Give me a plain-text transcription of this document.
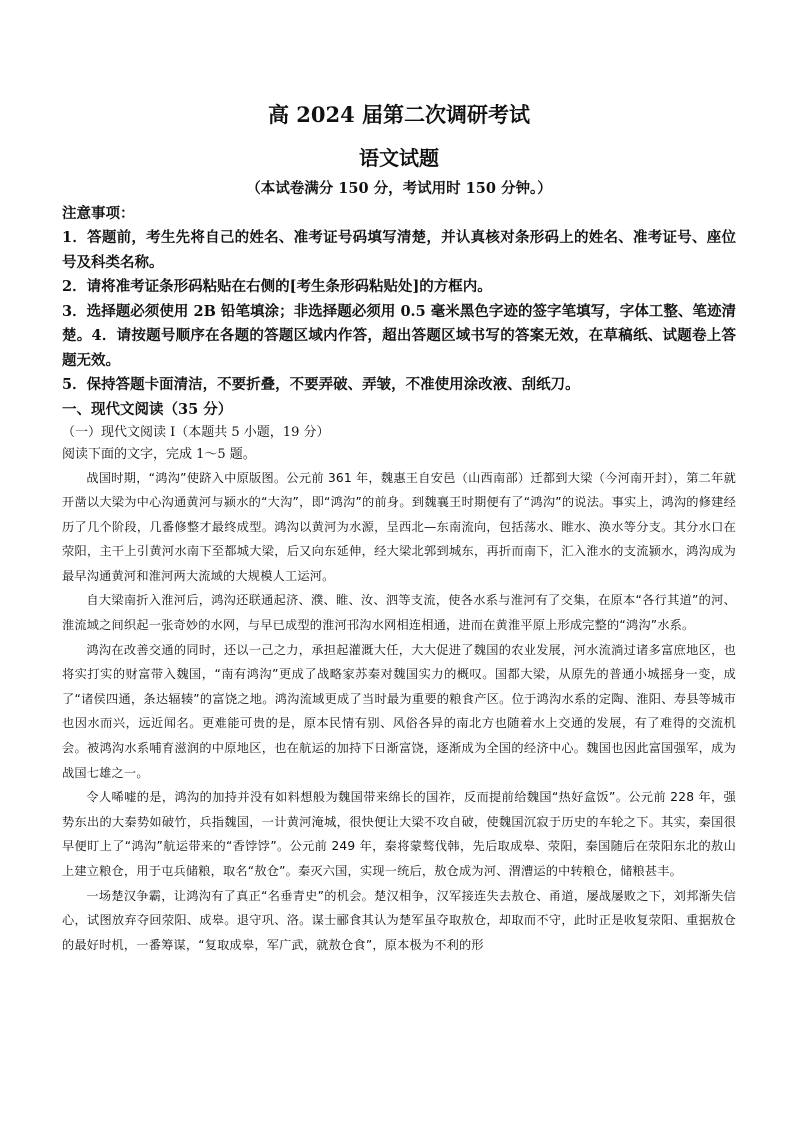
高 2024 届第二次调研考试
语文试题

（本试卷满分 150 分，考试用时 150 分钟。）

注意事项：

1．答题前，考生先将自己的姓名、准考证号码填写清楚，并认真核对条形码上的姓名、准考证号、座位号及科类名称。

2．请将准考证条形码粘贴在右侧的[考生条形码粘贴处]的方框内。

3．选择题必须使用 2B 铅笔填涂；非选择题必须用 0.5 毫米黑色字迹的签字笔填写，字体工整、笔迹清楚。4．请按题号顺序在各题的答题区域内作答，超出答题区域书写的答案无效，在草稿纸、试题卷上答题无效。

5．保持答题卡面清洁，不要折叠，不要弄破、弄皱，不准使用涂改液、刮纸刀。

一、现代文阅读（35 分）

（一）现代文阅读 I（本题共 5 小题，19 分）

阅读下面的文字，完成 1～5 题。

战国时期，“鸿沟”使跻入中原版图。公元前 361 年，魏惠王自安邑（山西南部）迁都到大梁（今河南开封），第二年就开凿以大梁为中心沟通黄河与颍水的“大沟”，即“鸿沟”的前身。到魏襄王时期便有了“鸿沟”的说法。事实上，鸿沟的修建经历了几个阶段，几番修整才最终成型。鸿沟以黄河为水源，呈西北—东南流向，包括荡水、睢水、涣水等分支。其分水口在荥阳，主干上引黄河水南下至都城大梁，后又向东延伸，经大梁北郭到城东，再折而南下，汇入淮水的支流颍水，鸿沟成为最早沟通黄河和淮河两大流域的大规模人工运河。

自大梁南折入淮河后，鸿沟还联通起济、濮、睢、汝、泗等支流，使各水系与淮河有了交集，在原本“各行其道”的河、淮流域之间织起一张奇妙的水网，与早已成型的淮河邗沟水网相连相通，进而在黄淮平原上形成完整的“鸿沟”水系。

鸿沟在改善交通的同时，还以一己之力，承担起灌溉大任，大大促进了魏国的农业发展，河水流淌过诸多富庶地区，也将实打实的财富带入魏国，“南有鸿沟”更成了战略家苏秦对魏国实力的概叹。国都大梁，从原先的普通小城摇身一变，成了“诸侯四通，条达辐辏”的富饶之地。鸿沟流域更成了当时最为重要的粮食产区。位于鸿沟水系的定陶、淮阳、寿县等城市也因水而兴，远近闻名。更难能可贵的是，原本民情有别、风俗各异的南北方也随着水上交通的发展，有了难得的交流机会。被鸿沟水系哺育滋润的中原地区，也在航运的加持下日渐富饶，逐渐成为全国的经济中心。魏国也因此富国强军，成为战国七雄之一。

令人唏嘘的是，鸿沟的加持并没有如料想般为魏国带来绵长的国祚，反而提前给魏国“热好盒饭”。公元前 228 年，强势东出的大秦势如破竹，兵指魏国，一计黄河淹城，很快便让大梁不攻自破，使魏国沉寂于历史的车轮之下。其实，秦国很早便盯上了“鸿沟”航运带来的“香饽饽”。公元前 249 年，秦将蒙骜伐韩，先后取成皋、荥阳，秦国随后在荥阳东北的敖山上建立粮仓，用于屯兵储粮，取名“敖仓”。秦灭六国，实现一统后，敖仓成为河、渭漕运的中转粮仓，储粮甚丰。

一场楚汉争霸，让鸿沟有了真正“名垂青史”的机会。楚汉相争，汉军接连失去敖仓、甬道，屡战屡败之下，刘邦渐失信心，试图放弃夺回荥阳、成皋。退守巩、洛。谋士郦食其认为楚军虽夺取敖仓，却取而不守，此时正是收复荥阳、重据敖仓的最好时机，一番筹谋，“复取成皋，军广武，就敖仓食”，原本极为不利的形
